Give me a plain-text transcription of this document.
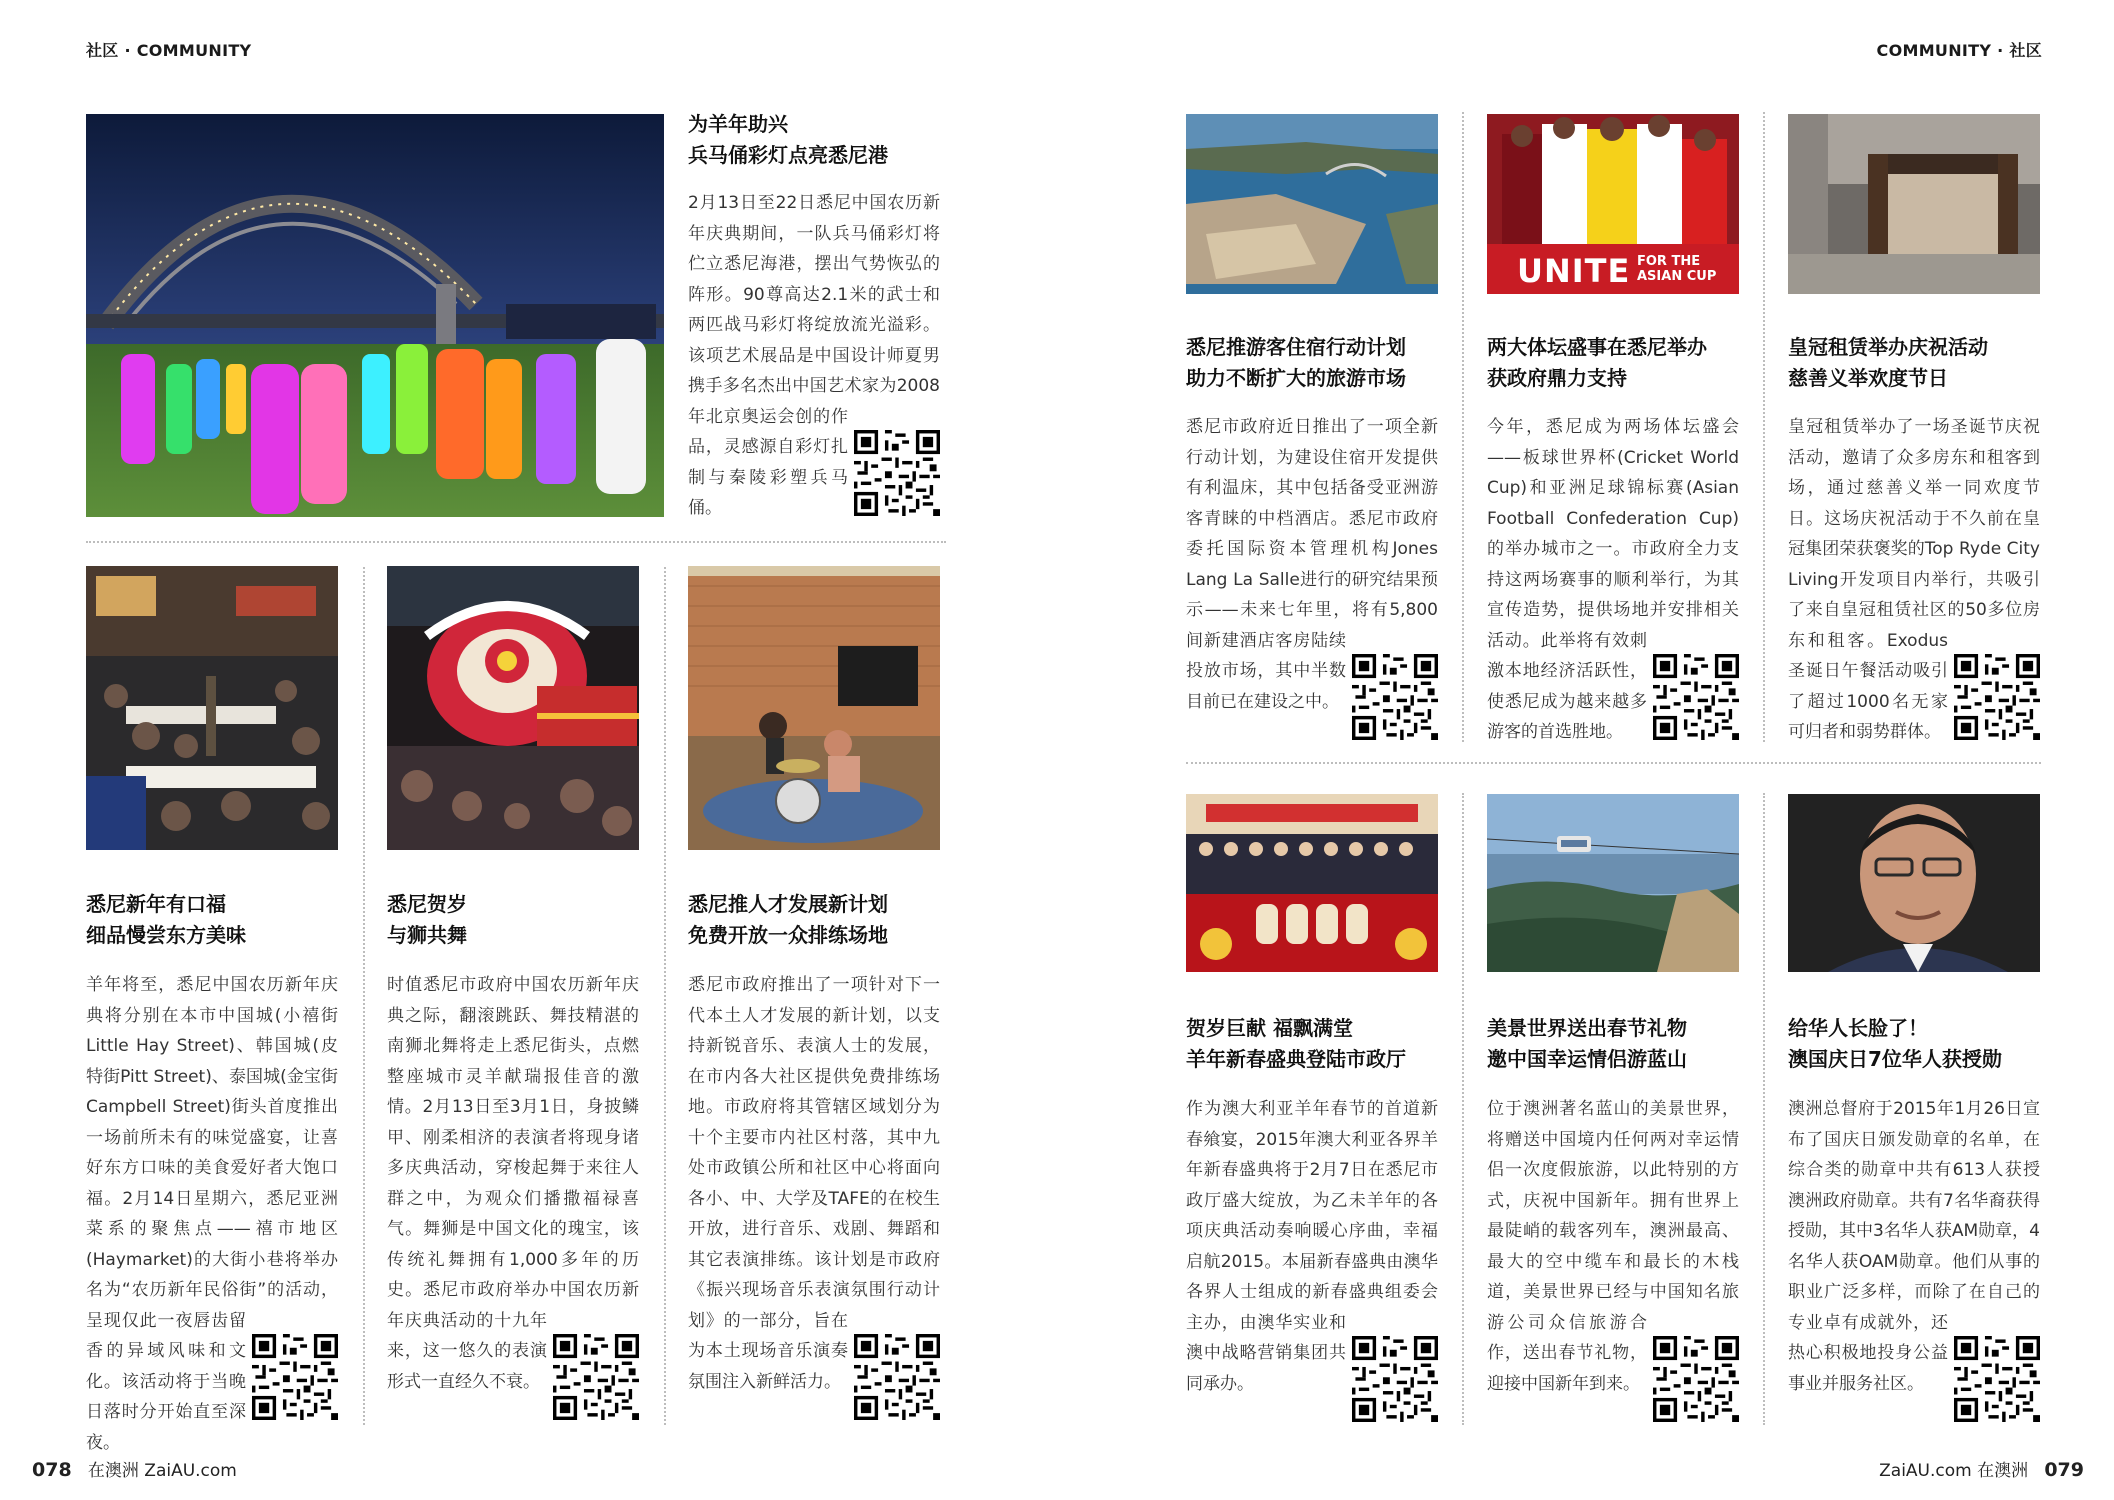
社区 · COMMUNITY	COMMUNITY · 社区
为羊年助兴
兵马俑彩灯点亮悉尼港
2月13日至22日悉尼中国农历新年庆典期间，一队兵马俑彩灯将伫立悉尼海港，摆出气势恢弘的阵形。90尊高达2.1米的武士和两匹战马彩灯将绽放流光溢彩。该项艺术展品是中国设计师夏男携手多名杰出中国艺术家为2008年北京奥运会创的作品，灵感源自彩灯扎制与秦陵彩塑兵马俑。
悉尼新年有口福
细品慢尝东方美味
羊年将至，悉尼中国农历新年庆典将分别在本市中国城(小禧街Little Hay Street)、韩国城(皮特街Pitt Street)、泰国城(金宝街Campbell Street)街头首度推出一场前所未有的味觉盛宴，让喜好东方口味的美食爱好者大饱口福。2月14日星期六，悉尼亚洲菜系的聚焦点——禧市地区(Haymarket)的大街小巷将举办名为“农历新年民俗街”的活动，呈现仅此一夜唇齿留香的异域风味和文化。该活动将于当晚日落时分开始直至深夜。
悉尼贺岁
与狮共舞
时值悉尼市政府中国农历新年庆典之际，翻滚跳跃、舞技精湛的南狮北舞将走上悉尼街头，点燃整座城市灵羊献瑞报佳音的激情。2月13日至3月1日，身披鳞甲、刚柔相济的表演者将现身诸多庆典活动，穿梭起舞于来往人群之中，为观众们播撒福禄喜气。舞狮是中国文化的瑰宝，该传统礼舞拥有1,000多年的历史。悉尼市政府举办中国农历新年庆典活动的十九年来，这一悠久的表演形式一直经久不衰。
悉尼推人才发展新计划
免费开放一众排练场地
悉尼市政府推出了一项针对下一代本土人才发展的新计划，以支持新锐音乐、表演人士的发展，在市内各大社区提供免费排练场地。市政府将其管辖区域划分为十个主要市内社区村落，其中九处市政镇公所和社区中心将面向各小、中、大学及TAFE的在校生开放，进行音乐、戏剧、舞蹈和其它表演排练。该计划是市政府《振兴现场音乐表演氛围行动计划》的一部分，旨在为本土现场音乐演奏氛围注入新鲜活力。
悉尼推游客住宿行动计划
助力不断扩大的旅游市场
悉尼市政府近日推出了一项全新行动计划，为建设住宿开发提供有利温床，其中包括备受亚洲游客青睐的中档酒店。悉尼市政府委托国际资本管理机构Jones Lang La Salle进行的研究结果预示——未来七年里，将有5,800间新建酒店客房陆续投放市场，其中半数目前已在建设之中。
UNITE FOR THE
ASIAN CUP
两大体坛盛事在悉尼举办
获政府鼎力支持
今年，悉尼成为两场体坛盛会——板球世界杯(Cricket World Cup)和亚洲足球锦标赛(Asian Football Confederation Cup)的举办城市之一。市政府全力支持这两场赛事的顺利举行，为其宣传造势，提供场地并安排相关活动。此举将有效刺激本地经济活跃性，使悉尼成为越来越多游客的首选胜地。
皇冠租赁举办庆祝活动
慈善义举欢度节日
皇冠租赁举办了一场圣诞节庆祝活动，邀请了众多房东和租客到场，通过慈善义举一同欢度节日。这场庆祝活动于不久前在皇冠集团荣获褒奖的Top Ryde City Living开发项目内举行，共吸引了来自皇冠租赁社区的50多位房东和租客。Exodus圣诞日午餐活动吸引了超过1000名无家可归者和弱势群体。
贺岁巨献 福飘满堂
羊年新春盛典登陆市政厅
作为澳大利亚羊年春节的首道新春飨宴，2015年澳大利亚各界羊年新春盛典将于2月7日在悉尼市政厅盛大绽放，为乙未羊年的各项庆典活动奏响暖心序曲，幸福启航2015。本届新春盛典由澳华各界人士组成的新春盛典组委会主办，由澳华实业和澳中战略营销集团共同承办。
美景世界送出春节礼物
邀中国幸运情侣游蓝山
位于澳洲著名蓝山的美景世界，将赠送中国境内任何两对幸运情侣一次度假旅游，以此特别的方式，庆祝中国新年。拥有世界上最陡峭的载客列车，澳洲最高、最大的空中缆车和最长的木栈道，美景世界已经与中国知名旅游公司众信旅游合作，送出春节礼物，迎接中国新年到来。
给华人长脸了！
澳国庆日7位华人获授勋
澳洲总督府于2015年1月26日宣布了国庆日颁发勋章的名单，在综合类的勋章中共有613人获授澳洲政府勋章。共有7名华裔获得授勋，其中3名华人获AM勋章，4名华人获OAM勋章。他们从事的职业广泛多样，而除了在自己的专业卓有成就外，还热心积极地投身公益事业并服务社区。
078 在澳洲 ZaiAU.com	ZaiAU.com 在澳洲 079
